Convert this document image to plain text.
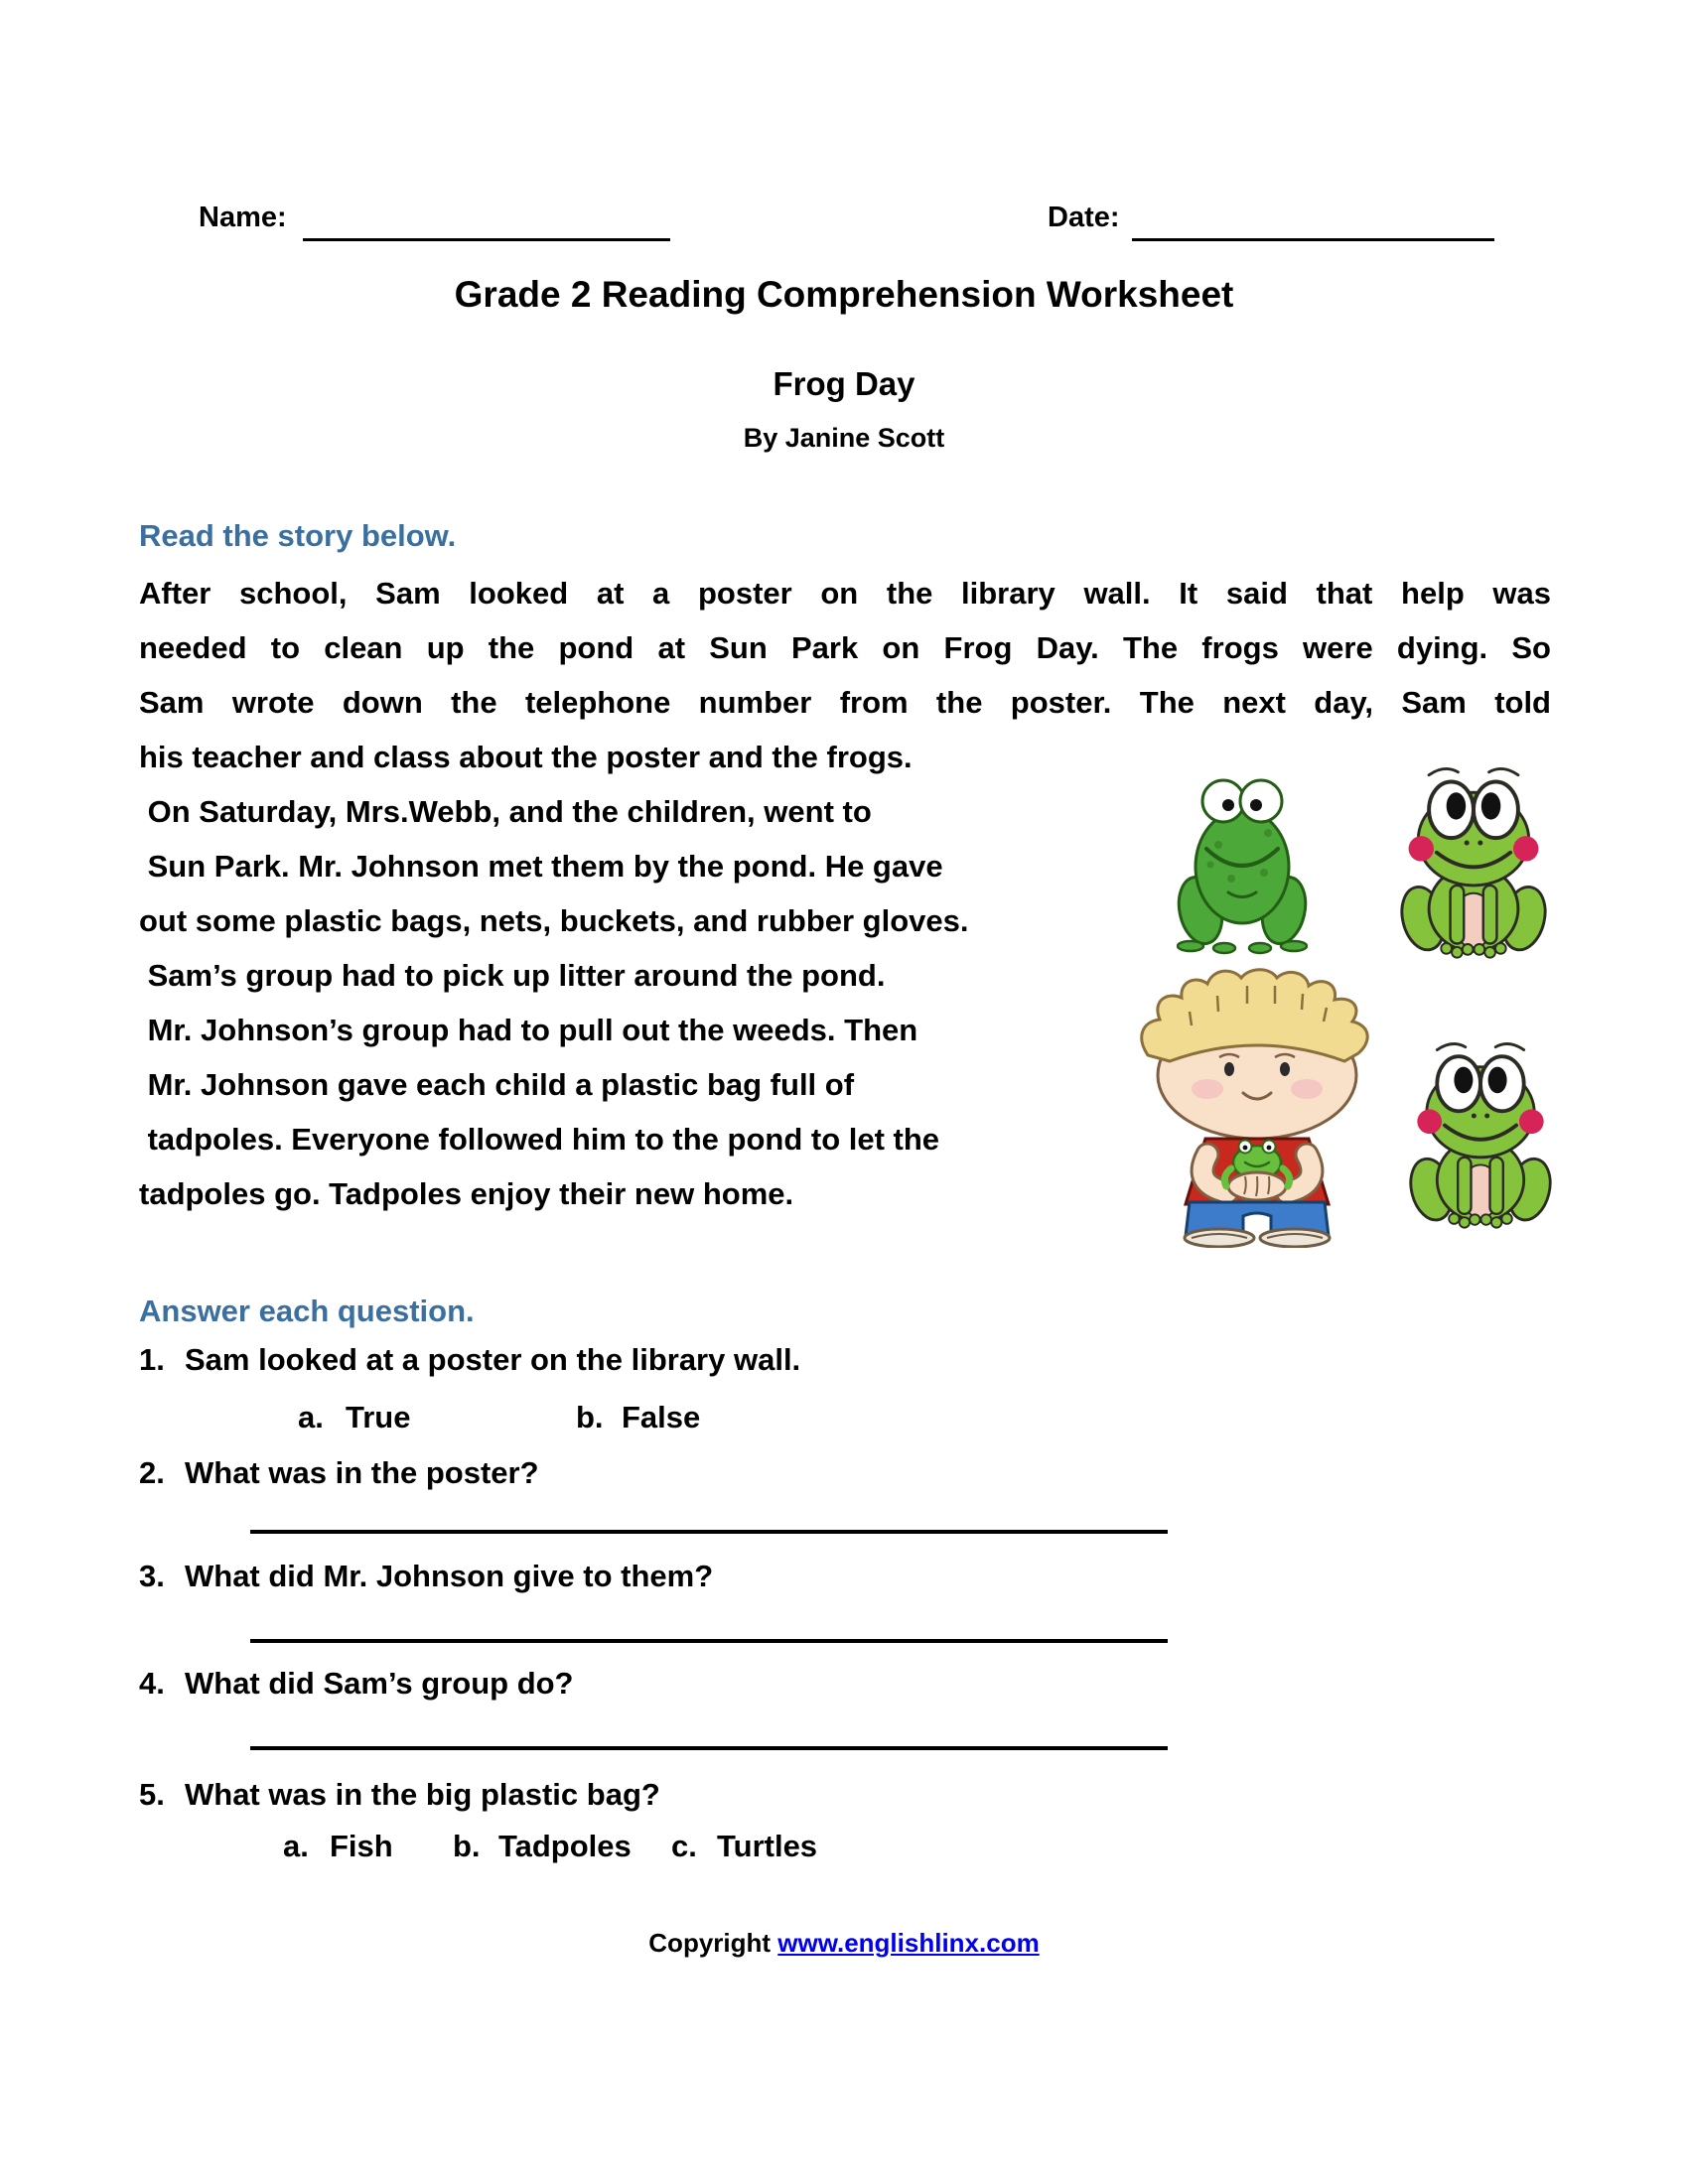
Name:	Date:
Grade 2 Reading Comprehension Worksheet
Frog Day
By Janine Scott
Read the story below.
After school, Sam looked at a poster on the library wall. It said that help was
needed to clean up the pond at Sun Park on Frog Day. The frogs were dying. So
Sam wrote down the telephone number from the poster. The next day, Sam told
his teacher and class about the poster and the frogs.
On Saturday, Mrs.Webb, and the children, went to
Sun Park. Mr. Johnson met them by the pond. He gave
out some plastic bags, nets, buckets, and rubber gloves.
Sam’s group had to pick up litter around the pond.
Mr. Johnson’s group had to pull out the weeds. Then
Mr. Johnson gave each child a plastic bag full of
tadpoles. Everyone followed him to the pond to let the
tadpoles go. Tadpoles enjoy their new home.
Answer each question.
1. Sam looked at a poster on the library wall.
a. True	b. False
2. What was in the poster?
3. What did Mr. Johnson give to them?
4. What did Sam’s group do?
5. What was in the big plastic bag?
a. Fish b. Tadpoles c. Turtles
Copyright www.englishlinx.com
